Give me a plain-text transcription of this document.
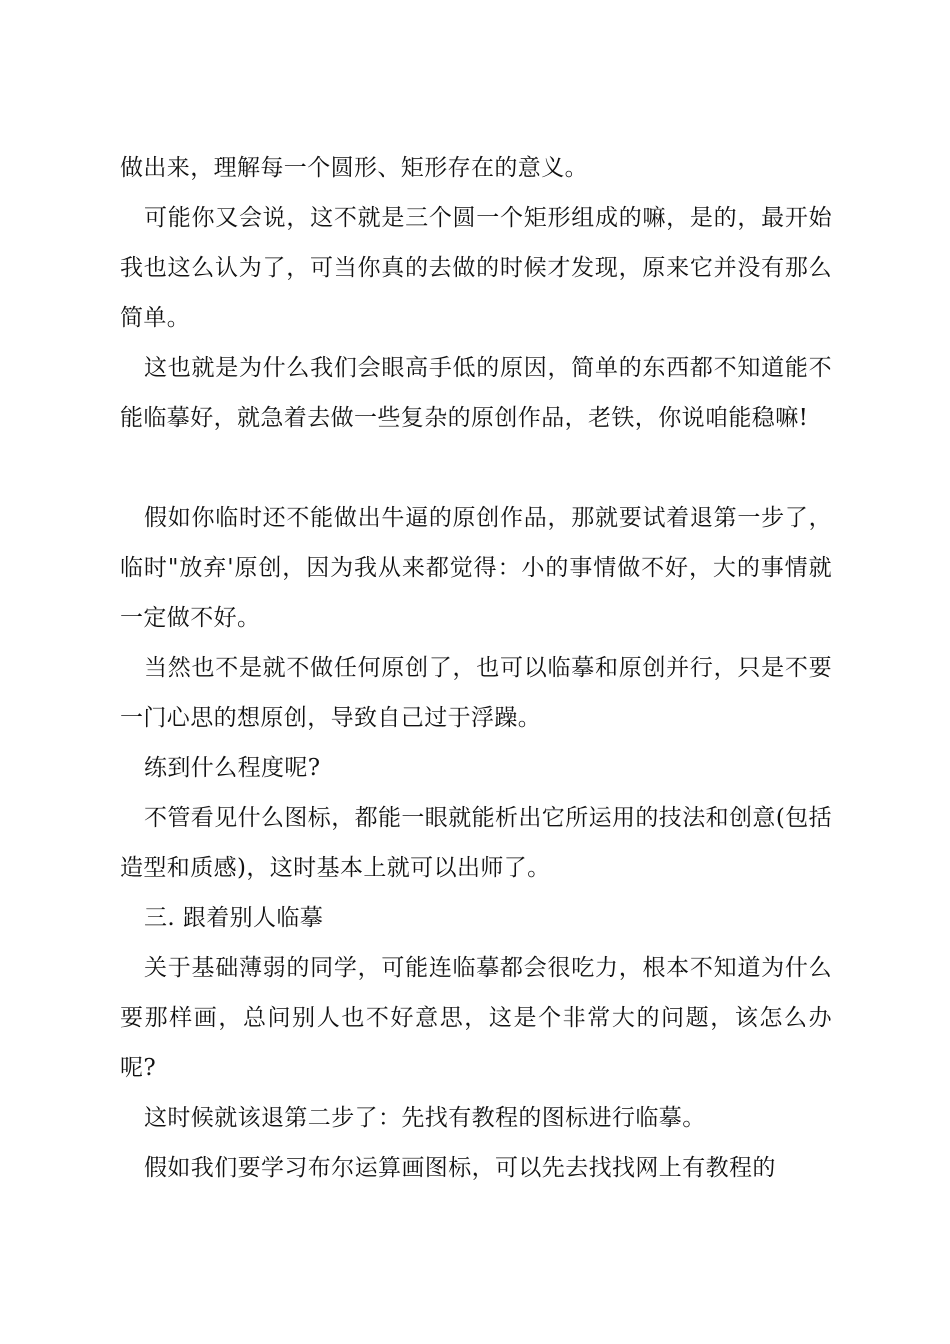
做出来，理解每一个圆形、矩形存在的意义。

可能你又会说，这不就是三个圆一个矩形组成的嘛，是的，最开始我也这么认为了，可当你真的去做的时候才发现，原来它并没有那么简单。

这也就是为什么我们会眼高手低的原因，简单的东西都不知道能不能临摹好，就急着去做一些复杂的原创作品，老铁，你说咱能稳嘛!

假如你临时还不能做出牛逼的原创作品，那就要试着退第一步了，临时"放弃'原创，因为我从来都觉得：小的事情做不好，大的事情就一定做不好。

当然也不是就不做任何原创了，也可以临摹和原创并行，只是不要一门心思的想原创，导致自己过于浮躁。

练到什么程度呢?

不管看见什么图标，都能一眼就能析出它所运用的技法和创意(包括造型和质感)，这时基本上就可以出师了。

三. 跟着别人临摹

关于基础薄弱的同学，可能连临摹都会很吃力，根本不知道为什么要那样画，总问别人也不好意思，这是个非常大的问题，该怎么办呢?

这时候就该退第二步了：先找有教程的图标进行临摹。

假如我们要学习布尔运算画图标，可以先去找找网上有教程的
